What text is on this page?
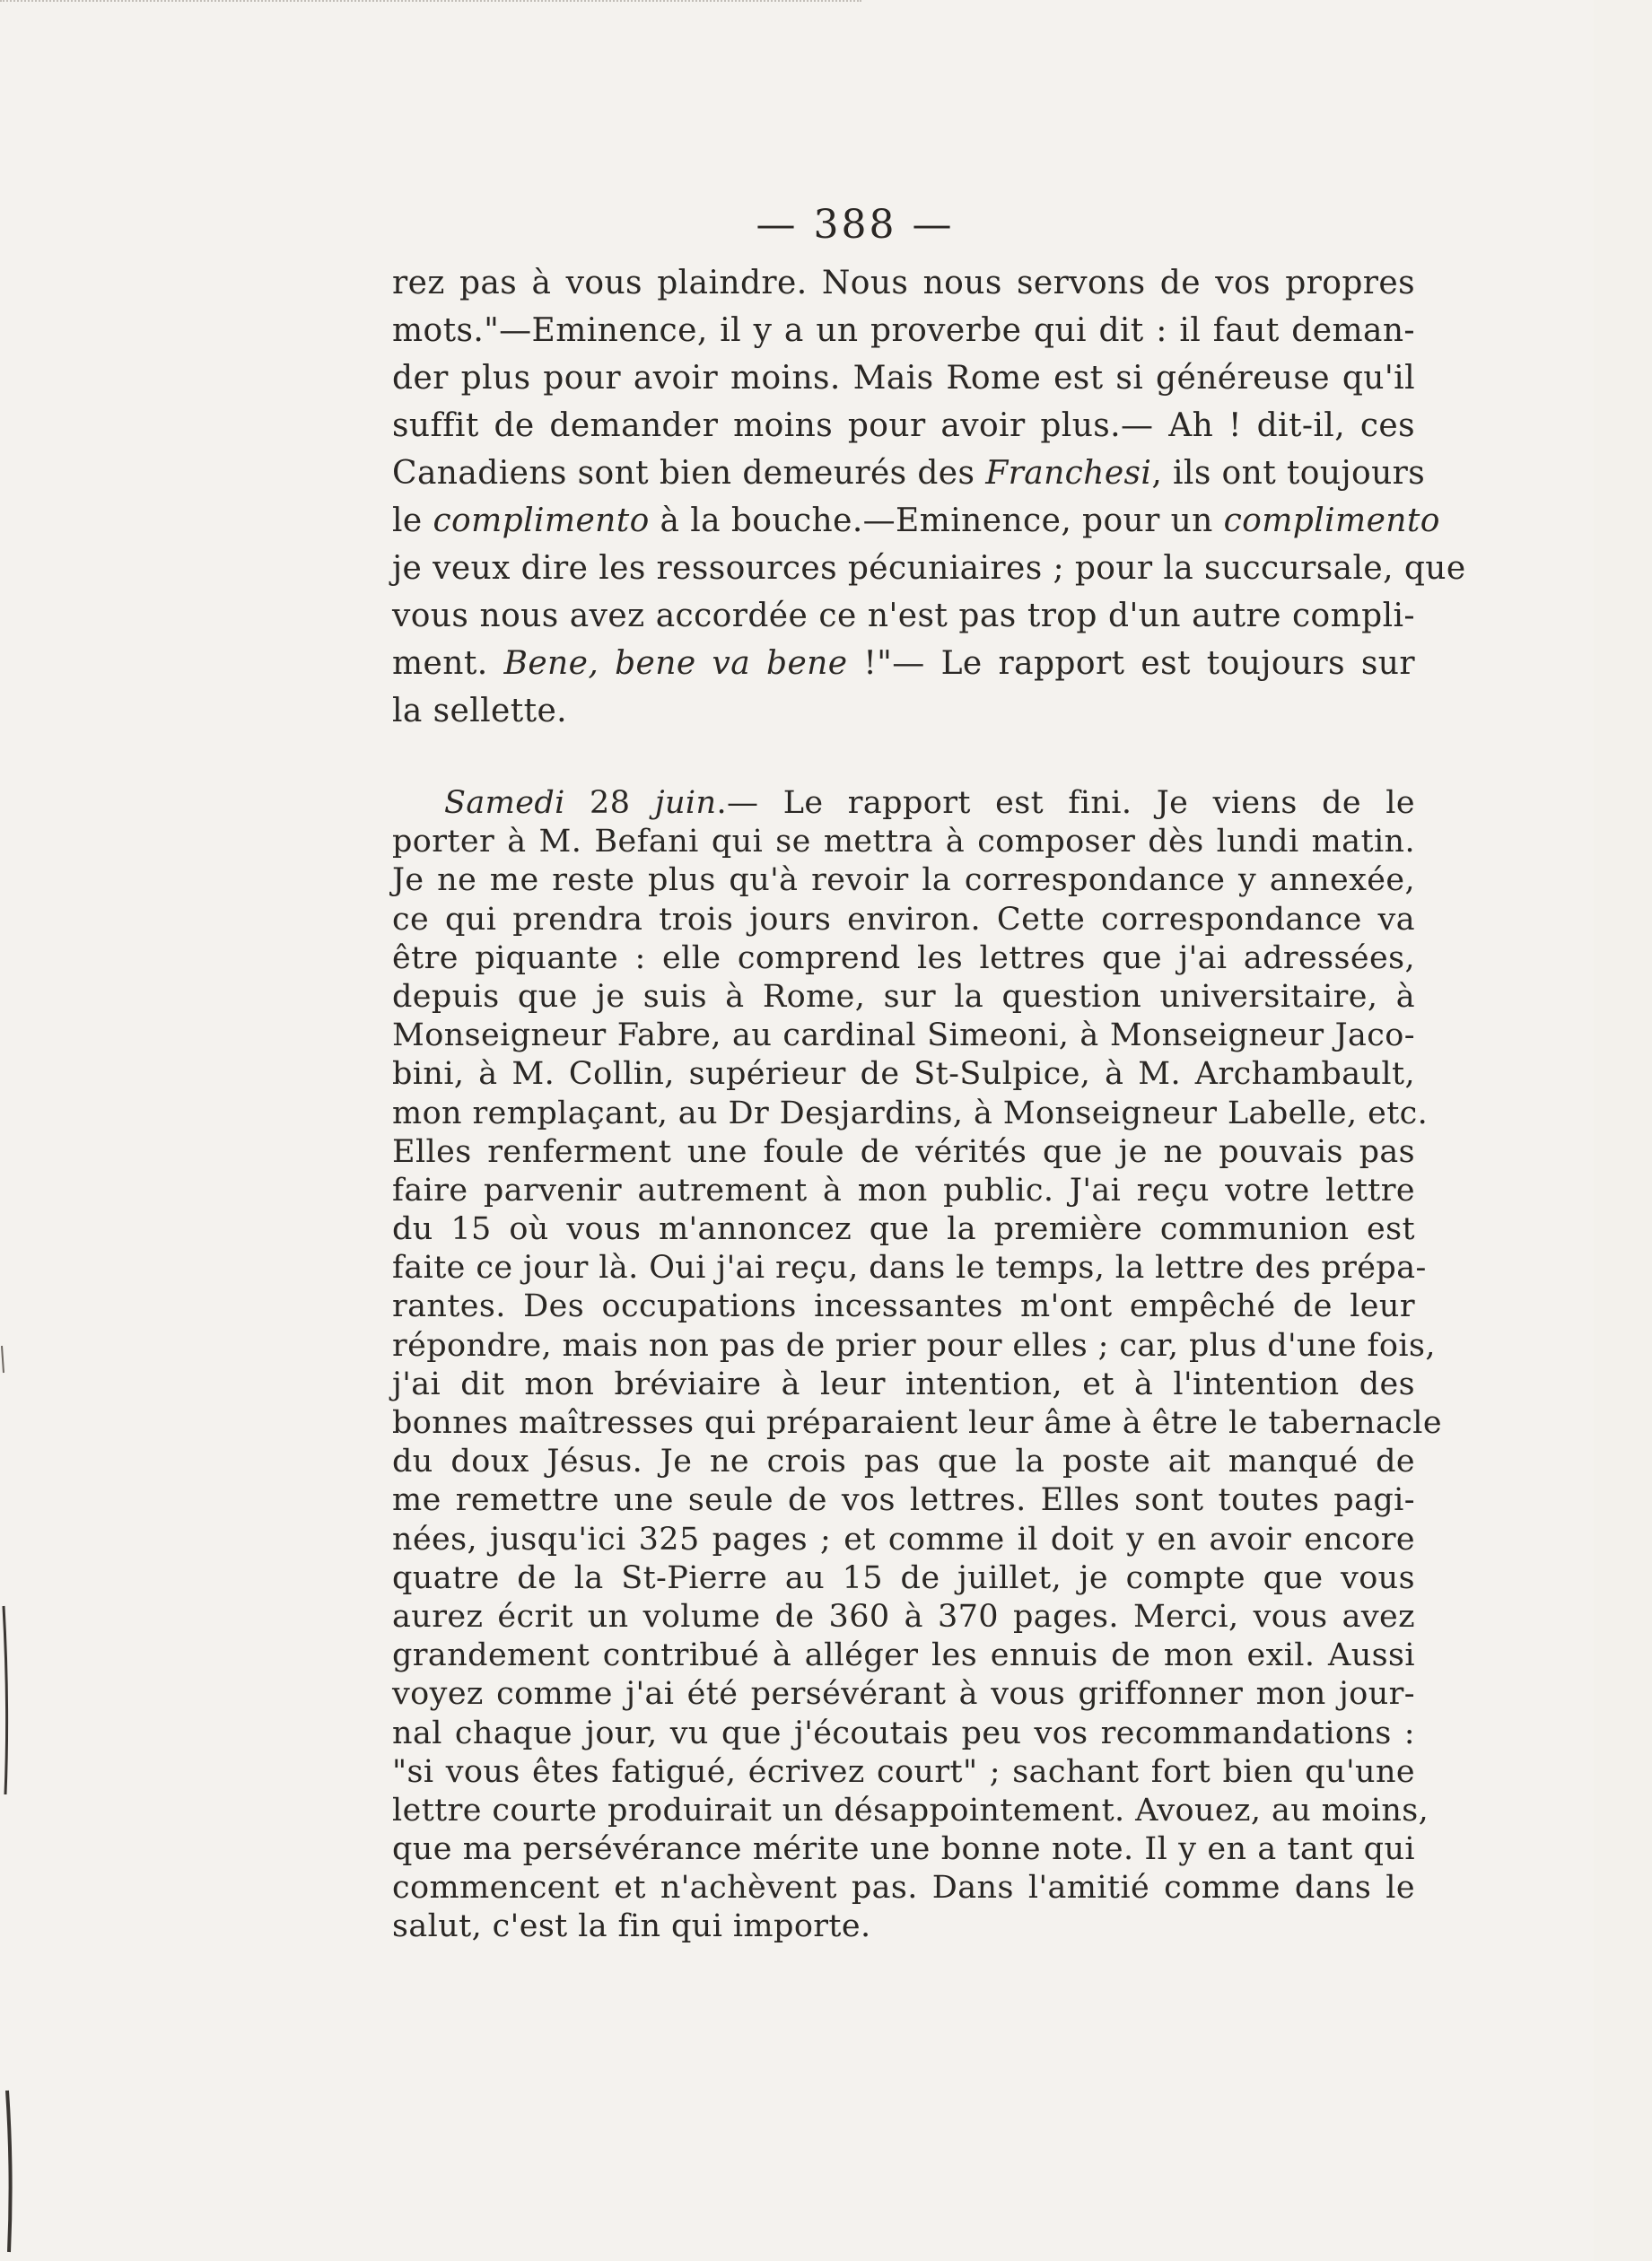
— 388 —
rez pas à vous plaindre. Nous nous servons de vos propres
mots."—Eminence, il y a un proverbe qui dit : il faut deman-
der plus pour avoir moins. Mais Rome est si généreuse qu'il
suffit de demander moins pour avoir plus.— Ah ! dit-il, ces
Canadiens sont bien demeurés des Franchesi, ils ont toujours
le complimento à la bouche.—Eminence, pour un complimento
je veux dire les ressources pécuniaires ; pour la succursale, que
vous nous avez accordée ce n'est pas trop d'un autre compli-
ment. Bene, bene va bene !"— Le rapport est toujours sur
la sellette.
Samedi 28 juin.— Le rapport est fini. Je viens de le
porter à M. Befani qui se mettra à composer dès lundi matin.
Je ne me reste plus qu'à revoir la correspondance y annexée,
ce qui prendra trois jours environ. Cette correspondance va
être piquante : elle comprend les lettres que j'ai adressées,
depuis que je suis à Rome, sur la question universitaire, à
Monseigneur Fabre, au cardinal Simeoni, à Monseigneur Jaco-
bini, à M. Collin, supérieur de St-Sulpice, à M. Archambault,
mon remplaçant, au Dr Desjardins, à Monseigneur Labelle, etc.
Elles renferment une foule de vérités que je ne pouvais pas
faire parvenir autrement à mon public. J'ai reçu votre lettre
du 15 où vous m'annoncez que la première communion est
faite ce jour là. Oui j'ai reçu, dans le temps, la lettre des prépa-
rantes. Des occupations incessantes m'ont empêché de leur
répondre, mais non pas de prier pour elles ; car, plus d'une fois,
j'ai dit mon bréviaire à leur intention, et à l'intention des
bonnes maîtresses qui préparaient leur âme à être le tabernacle
du doux Jésus. Je ne crois pas que la poste ait manqué de
me remettre une seule de vos lettres. Elles sont toutes pagi-
nées, jusqu'ici 325 pages ; et comme il doit y en avoir encore
quatre de la St-Pierre au 15 de juillet, je compte que vous
aurez écrit un volume de 360 à 370 pages. Merci, vous avez
grandement contribué à alléger les ennuis de mon exil. Aussi
voyez comme j'ai été persévérant à vous griffonner mon jour-
nal chaque jour, vu que j'écoutais peu vos recommandations :
"si vous êtes fatigué, écrivez court" ; sachant fort bien qu'une
lettre courte produirait un désappointement. Avouez, au moins,
que ma persévérance mérite une bonne note. Il y en a tant qui
commencent et n'achèvent pas. Dans l'amitié comme dans le
salut, c'est la fin qui importe.
